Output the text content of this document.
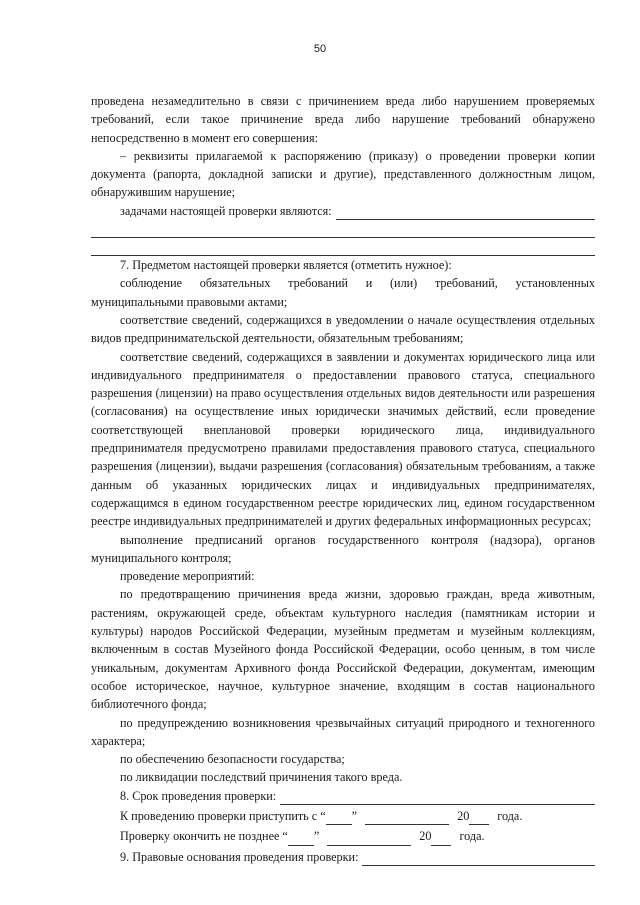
50

проведена незамедлительно в связи с причинением вреда либо нарушением проверяемых требований, если такое причинение вреда либо нарушение требований обнаружено непосредственно в момент его совершения:

– реквизиты прилагаемой к распоряжению (приказу) о проведении проверки копии документа (рапорта, докладной записки и другие), представленного должностным лицом, обнаружившим нарушение;

задачами настоящей проверки являются:

7. Предметом настоящей проверки является (отметить нужное):

соблюдение обязательных требований и (или) требований, установленных муниципальными правовыми актами;

соответствие сведений, содержащихся в уведомлении о начале осуществления отдельных видов предпринимательской деятельности, обязательным требованиям;

соответствие сведений, содержащихся в заявлении и документах юридического лица или индивидуального предпринимателя о предоставлении правового статуса, специального разрешения (лицензии) на право осуществления отдельных видов деятельности или разрешения (согласования) на осуществление иных юридически значимых действий, если проведение соответствующей внеплановой проверки юридического лица, индивидуального предпринимателя предусмотрено правилами предоставления правового статуса, специального разрешения (лицензии), выдачи разрешения (согласования) обязательным требованиям, а также данным об указанных юридических лицах и индивидуальных предпринимателях, содержащимся в едином государственном реестре юридических лиц, едином государственном реестре индивидуальных предпринимателей и других федеральных информационных ресурсах;

выполнение предписаний органов государственного контроля (надзора), органов муниципального контроля;

проведение мероприятий:

по предотвращению причинения вреда жизни, здоровью граждан, вреда животным, растениям, окружающей среде, объектам культурного наследия (памятникам истории и культуры) народов Российской Федерации, музейным предметам и музейным коллекциям, включенным в состав Музейного фонда Российской Федерации, особо ценным, в том числе уникальным, документам Архивного фонда Российской Федерации, документам, имеющим особое историческое, научное, культурное значение, входящим в состав национального библиотечного фонда;

по предупреждению возникновения чрезвычайных ситуаций природного и техногенного характера;

по обеспечению безопасности государства;

по ликвидации последствий причинения такого вреда.

8. Срок проведения проверки:
К проведению проверки приступить с “ ”	20 года.
Проверку окончить не позднее “ ”	20 года.
9. Правовые основания проведения проверки:
